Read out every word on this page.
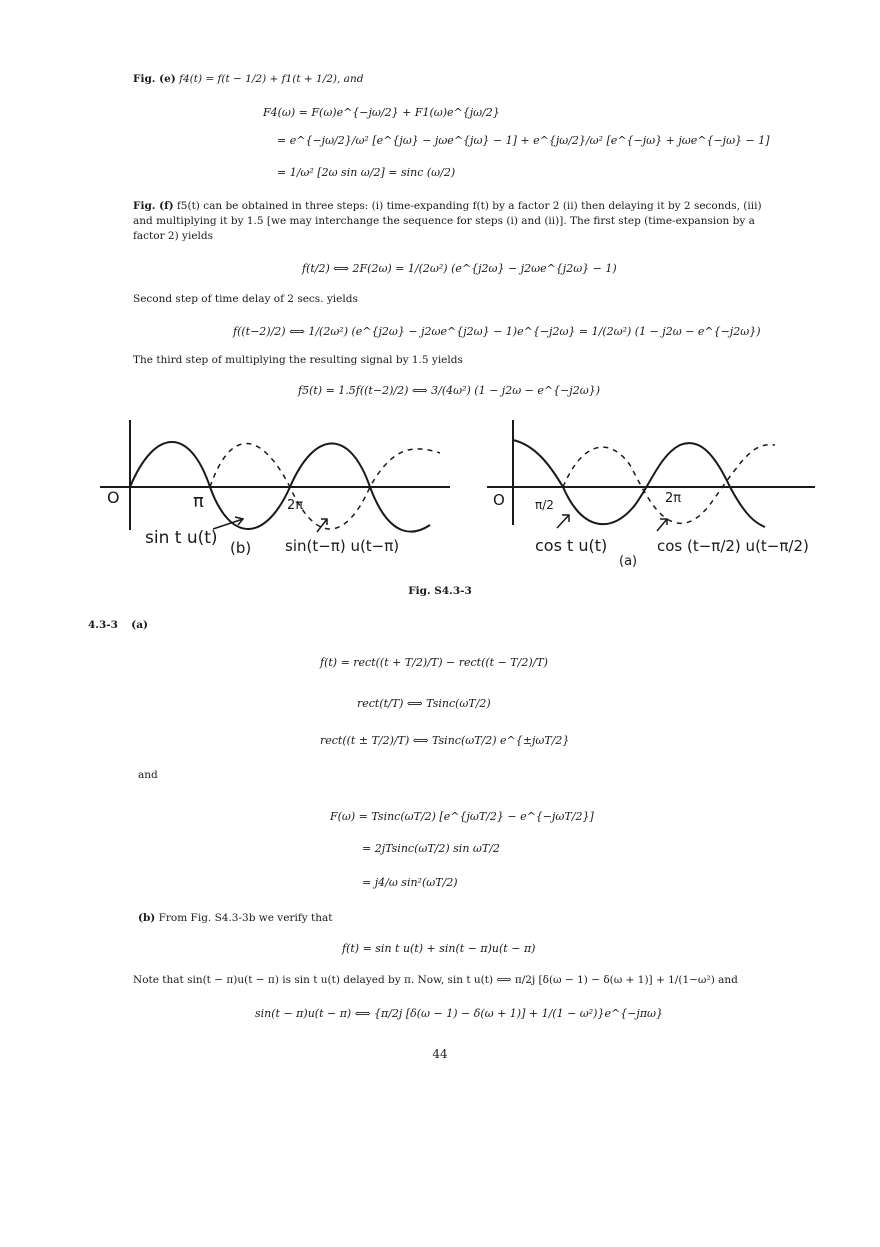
Fig. (e) f4(t) = f(t − 1/2) + f1(t + 1/2), and
F4(ω) = F(ω)e^{−jω/2} + F1(ω)e^{jω/2}
= e^{−jω/2}/ω² [e^{jω} − jωe^{jω} − 1] + e^{jω/2}/ω² [e^{−jω} + jωe^{−jω} − 1]
= 1/ω² [2ω sin ω/2] = sinc (ω/2)
Fig. (f) f5(t) can be obtained in three steps: (i) time-expanding f(t) by a factor 2 (ii) then delaying it by 2 seconds, (iii) and multiplying it by 1.5 [we may interchange the sequence for steps (i) and (ii)]. The first step (time-expansion by a factor 2) yields
f(t/2) ⟺ 2F(2ω) = 1/(2ω²) (e^{j2ω} − j2ωe^{j2ω} − 1)
Second step of time delay of 2 secs. yields
f((t−2)/2) ⟺ 1/(2ω²) (e^{j2ω} − j2ωe^{j2ω} − 1)e^{−j2ω} = 1/(2ω²) (1 − j2ω − e^{−j2ω})
The third step of multiplying the resulting signal by 1.5 yields
f5(t) = 1.5f((t−2)/2) ⟺ 3/(4ω²) (1 − j2ω − e^{−j2ω})
O	π	2π
sin t u(t) (b) sin(t−π) u(t−π)
O	π/2	2π
cos t u(t)
(a)
cos (t−π/2) u(t−π/2)
Fig. S4.3-3
4.3-3 (a)
f(t) = rect((t + T/2)/T) − rect((t − T/2)/T)
rect(t/T) ⟺ Tsinc(ωT/2)
rect((t ± T/2)/T) ⟺ Tsinc(ωT/2) e^{±jωT/2}
and
F(ω) = Tsinc(ωT/2) [e^{jωT/2} − e^{−jωT/2}]
= 2jTsinc(ωT/2) sin ωT/2
= j4/ω sin²(ωT/2)
(b) From Fig. S4.3-3b we verify that
f(t) = sin t u(t) + sin(t − π)u(t − π)
Note that sin(t − π)u(t − π) is sin t u(t) delayed by π. Now, sin t u(t) ⟺ π/2j [δ(ω − 1) − δ(ω + 1)] + 1/(1−ω²) and
sin(t − π)u(t − π) ⟺ {π/2j [δ(ω − 1) − δ(ω + 1)] + 1/(1 − ω²)}e^{−jπω}
44
